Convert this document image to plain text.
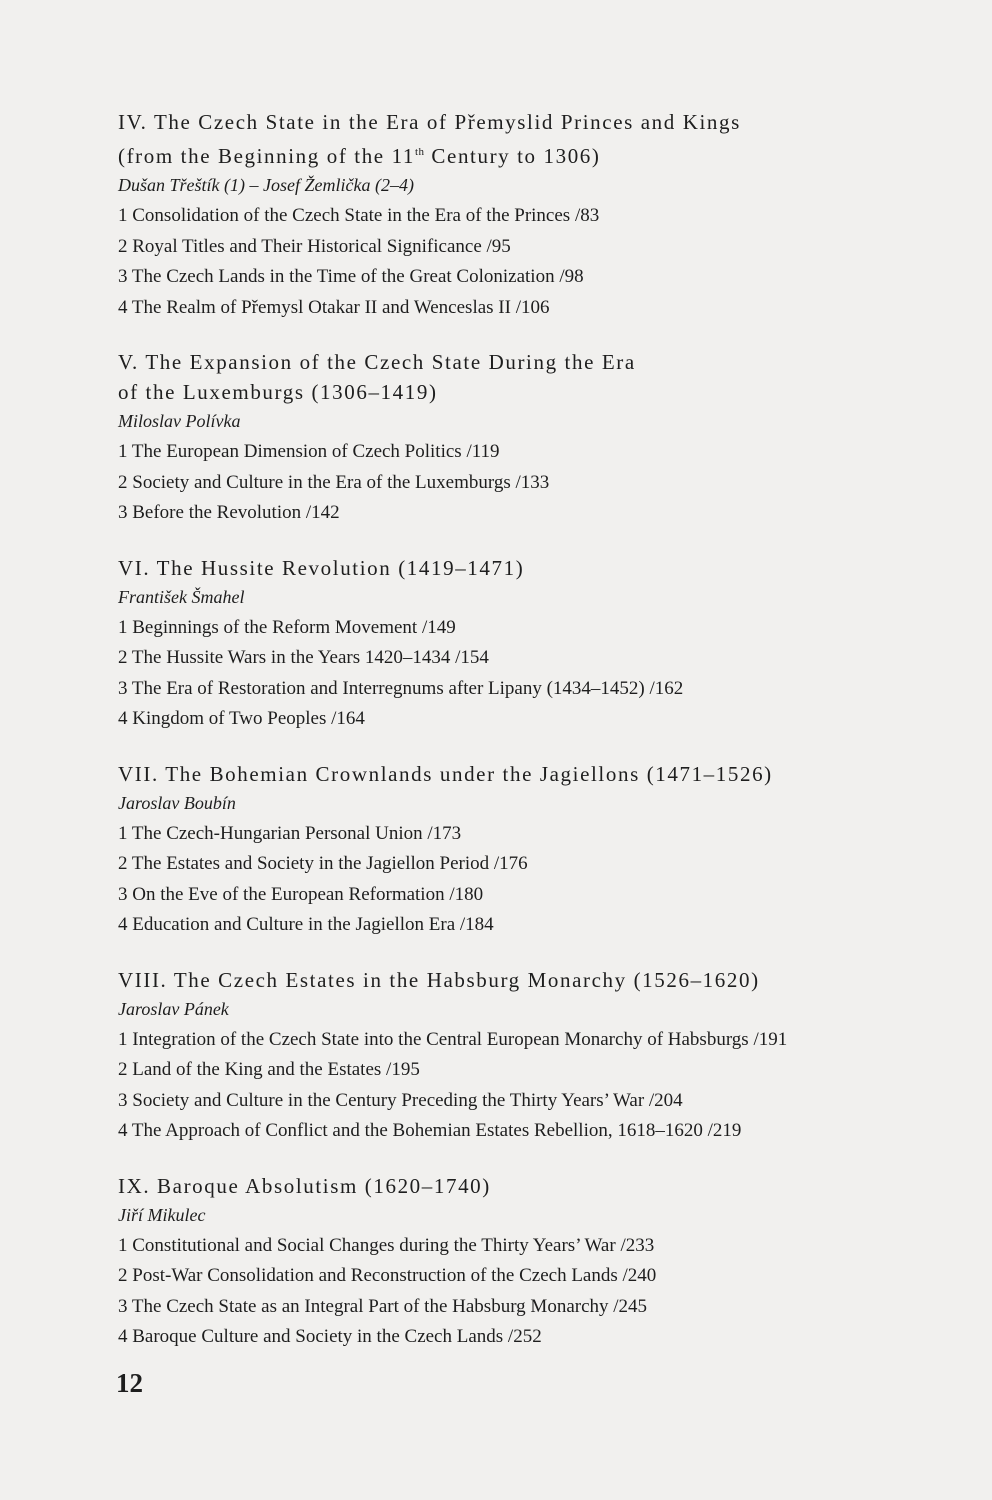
IV. The Czech State in the Era of Přemyslid Princes and Kings
(from the Beginning of the 11th Century to 1306)

Dušan Třeštík (1) – Josef Žemlička (2–4)

1 Consolidation of the Czech State in the Era of the Princes /83

2 Royal Titles and Their Historical Significance /95

3 The Czech Lands in the Time of the Great Colonization /98

4 The Realm of Přemysl Otakar II and Wenceslas II /106

V. The Expansion of the Czech State During the Era
of the Luxemburgs (1306–1419)

Miloslav Polívka

1 The European Dimension of Czech Politics /119

2 Society and Culture in the Era of the Luxemburgs /133

3 Before the Revolution /142

VI. The Hussite Revolution (1419–1471)

František Šmahel

1 Beginnings of the Reform Movement /149

2 The Hussite Wars in the Years 1420–1434 /154

3 The Era of Restoration and Interregnums after Lipany (1434–1452) /162

4 Kingdom of Two Peoples /164

VII. The Bohemian Crownlands under the Jagiellons (1471–1526)

Jaroslav Boubín

1 The Czech-Hungarian Personal Union /173

2 The Estates and Society in the Jagiellon Period /176

3 On the Eve of the European Reformation /180

4 Education and Culture in the Jagiellon Era /184

VIII. The Czech Estates in the Habsburg Monarchy (1526–1620)

Jaroslav Pánek

1 Integration of the Czech State into the Central European Monarchy of Habsburgs /191

2 Land of the King and the Estates /195

3 Society and Culture in the Century Preceding the Thirty Years’ War /204

4 The Approach of Conflict and the Bohemian Estates Rebellion, 1618–1620 /219

IX. Baroque Absolutism (1620–1740)

Jiří Mikulec

1 Constitutional and Social Changes during the Thirty Years’ War /233

2 Post-War Consolidation and Reconstruction of the Czech Lands /240

3 The Czech State as an Integral Part of the Habsburg Monarchy /245

4 Baroque Culture and Society in the Czech Lands /252

12
